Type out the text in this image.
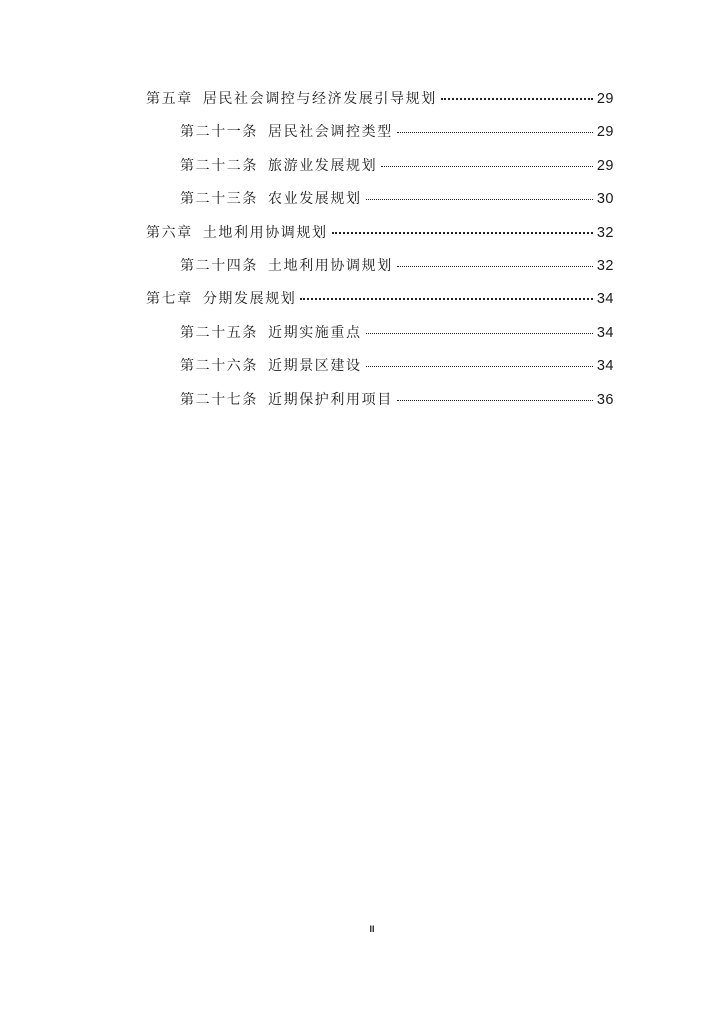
第五章 居民社会调控与经济发展引导规划	29
第二十一条 居民社会调控类型	29
第二十二条 旅游业发展规划	29
第二十三条 农业发展规划	30
第六章 土地利用协调规划	32
第二十四条 土地利用协调规划	32
第七章 分期发展规划	34
第二十五条 近期实施重点	34
第二十六条 近期景区建设	34
第二十七条 近期保护利用项目	36
II
